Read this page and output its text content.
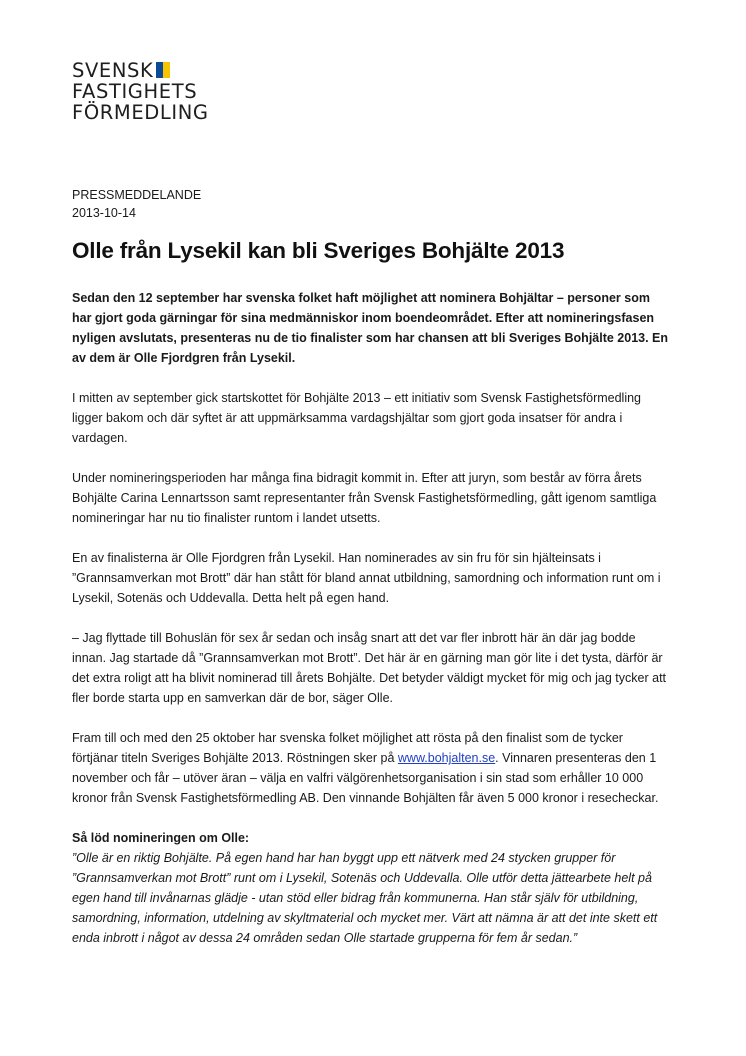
SVENSK
FASTIGHETS
FÖRMEDLING
PRESSMEDDELANDE
2013-10-14
Olle från Lysekil kan bli Sveriges Bohjälte 2013

Sedan den 12 september har svenska folket haft möjlighet att nominera Bohjältar – personer som har gjort goda gärningar för sina medmänniskor inom boendeområdet. Efter att nomineringsfasen nyligen avslutats, presenteras nu de tio finalister som har chansen att bli Sveriges Bohjälte 2013. En av dem är Olle Fjordgren från Lysekil.

I mitten av september gick startskottet för Bohjälte 2013 – ett initiativ som Svensk Fastighetsförmedling ligger bakom och där syftet är att uppmärksamma vardagshjältar som gjort goda insatser för andra i vardagen.

Under nomineringsperioden har många fina bidragit kommit in. Efter att juryn, som består av förra årets Bohjälte Carina Lennartsson samt representanter från Svensk Fastighetsförmedling, gått igenom samtliga nomineringar har nu tio finalister runtom i landet utsetts.

En av finalisterna är Olle Fjordgren från Lysekil. Han nominerades av sin fru för sin hjälteinsats i ”Grannsamverkan mot Brott” där han stått för bland annat utbildning, samordning och information runt om i Lysekil, Sotenäs och Uddevalla. Detta helt på egen hand.

– Jag flyttade till Bohuslän för sex år sedan och insåg snart att det var fler inbrott här än där jag bodde innan. Jag startade då ”Grannsamverkan mot Brott”. Det här är en gärning man gör lite i det tysta, därför är det extra roligt att ha blivit nominerad till årets Bohjälte. Det betyder väldigt mycket för mig och jag tycker att fler borde starta upp en samverkan där de bor, säger Olle.

Fram till och med den 25 oktober har svenska folket möjlighet att rösta på den finalist som de tycker förtjänar titeln Sveriges Bohjälte 2013. Röstningen sker på www.bohjalten.se. Vinnaren presenteras den 1 november och får – utöver äran – välja en valfri välgörenhetsorganisation i sin stad som erhåller 10 000 kronor från Svensk Fastighetsförmedling AB. Den vinnande Bohjälten får även 5 000 kronor i resecheckar.

Så löd nomineringen om Olle:

”Olle är en riktig Bohjälte. På egen hand har han byggt upp ett nätverk med 24 stycken grupper för ”Grannsamverkan mot Brott” runt om i Lysekil, Sotenäs och Uddevalla. Olle utför detta jättearbete helt på egen hand till invånarnas glädje - utan stöd eller bidrag från kommunerna. Han står själv för utbildning, samordning, information, utdelning av skyltmaterial och mycket mer. Värt att nämna är att det inte skett ett enda inbrott i något av dessa 24 områden sedan Olle startade grupperna för fem år sedan.”
